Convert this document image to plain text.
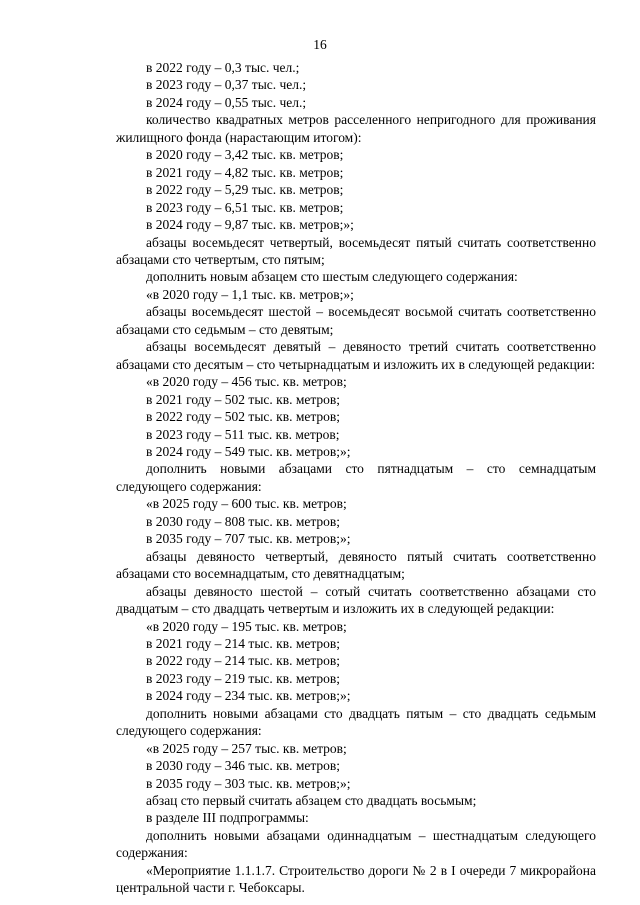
16

в 2022 году – 0,3 тыс. чел.;

в 2023 году – 0,37 тыс. чел.;

в 2024 году – 0,55 тыс. чел.;

количество квадратных метров расселенного непригодного для проживания жилищного фонда (нарастающим итогом):

в 2020 году – 3,42 тыс. кв. метров;

в 2021 году – 4,82 тыс. кв. метров;

в 2022 году – 5,29 тыс. кв. метров;

в 2023 году – 6,51 тыс. кв. метров;

в 2024 году – 9,87 тыс. кв. метров;»;

абзацы восемьдесят четвертый, восемьдесят пятый считать соответственно абзацами сто четвертым, сто пятым;

дополнить новым абзацем сто шестым следующего содержания:

«в 2020 году – 1,1 тыс. кв. метров;»;

абзацы восемьдесят шестой – восемьдесят восьмой считать соответственно абзацами сто седьмым – сто девятым;

абзацы восемьдесят девятый – девяносто третий считать соответственно абзацами сто десятым – сто четырнадцатым и изложить их в следующей редакции:

«в 2020 году – 456 тыс. кв. метров;

в 2021 году – 502 тыс. кв. метров;

в 2022 году – 502 тыс. кв. метров;

в 2023 году – 511 тыс. кв. метров;

в 2024 году – 549 тыс. кв. метров;»;

дополнить новыми абзацами сто пятнадцатым – сто семнадцатым следующего содержания:

«в 2025 году – 600 тыс. кв. метров;

в 2030 году – 808 тыс. кв. метров;

в 2035 году – 707 тыс. кв. метров;»;

абзацы девяносто четвертый, девяносто пятый считать соответственно абзацами сто восемнадцатым, сто девятнадцатым;

абзацы девяносто шестой – сотый считать соответственно абзацами сто двадцатым – сто двадцать четвертым и изложить их в следующей редакции:

«в 2020 году – 195 тыс. кв. метров;

в 2021 году – 214 тыс. кв. метров;

в 2022 году – 214 тыс. кв. метров;

в 2023 году – 219 тыс. кв. метров;

в 2024 году – 234 тыс. кв. метров;»;

дополнить новыми абзацами сто двадцать пятым – сто двадцать седьмым следующего содержания:

«в 2025 году – 257 тыс. кв. метров;

в 2030 году – 346 тыс. кв. метров;

в 2035 году – 303 тыс. кв. метров;»;

абзац сто первый считать абзацем сто двадцать восьмым;

в разделе III подпрограммы:

дополнить новыми абзацами одиннадцатым – шестнадцатым следующего содержания:

«Мероприятие 1.1.1.7. Строительство дороги № 2 в I очереди 7 микрорайона центральной части г. Чебоксары.
